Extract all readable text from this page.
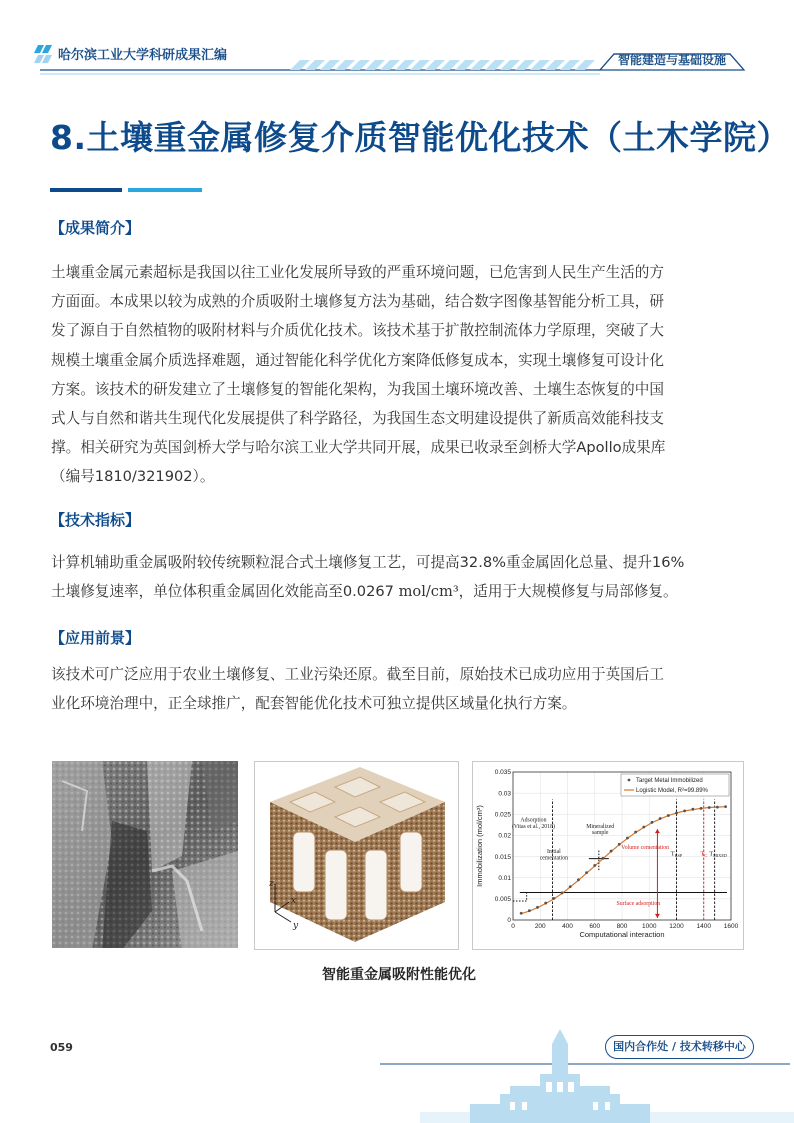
哈尔滨工业大学科研成果汇编	智能建造与基础设施
8.土壤重金属修复介质智能优化技术（土木学院）
【成果简介】
土壤重金属元素超标是我国以往工业化发展所导致的严重环境问题，已危害到人民生产生活的方
方面面。本成果以较为成熟的介质吸附土壤修复方法为基础，结合数字图像基智能分析工具，研
发了源自于自然植物的吸附材料与介质优化技术。该技术基于扩散控制流体力学原理，突破了大
规模土壤重金属介质选择难题，通过智能化科学优化方案降低修复成本，实现土壤修复可设计化
方案。该技术的研发建立了土壤修复的智能化架构，为我国土壤环境改善、土壤生态恢复的中国
式人与自然和谐共生现代化发展提供了科学路径，为我国生态文明建设提供了新质高效能科技支
撑。相关研究为英国剑桥大学与哈尔滨工业大学共同开展，成果已收录至剑桥大学Apollo成果库
（编号1810/321902）。
【技术指标】
计算机辅助重金属吸附较传统颗粒混合式土壤修复工艺，可提高32.8%重金属固化总量、提升16%
土壤修复速率，单位体积重金属固化效能高至0.0267 mol/cm³，适用于大规模修复与局部修复。
【应用前景】
该技术可广泛应用于农业土壤修复、工业污染还原。截至目前，原始技术已成功应用于英国后工
业化环境治理中，正全球推广，配套智能优化技术可独立提供区域量化执行方案。
z
x
y	0	200	400	600	800 1000 1200 1400 1600
0
0.005
0.01
0.015
0.02
0.025
0.03
0.035
Computational interaction
Immobilization (mol/cm³)	Adsorption
(Vitas et al., 2018)
Initial
cementation
Mineralized
sample
Volume cementation
Surface adsorption
$T_{RSP}$	$T_C$ $T_{MIXED}$
Target Metal Immobilized
Logistic Model, R²=99.89%
智能重金属吸附性能优化
059	国内合作处 / 技术转移中心
